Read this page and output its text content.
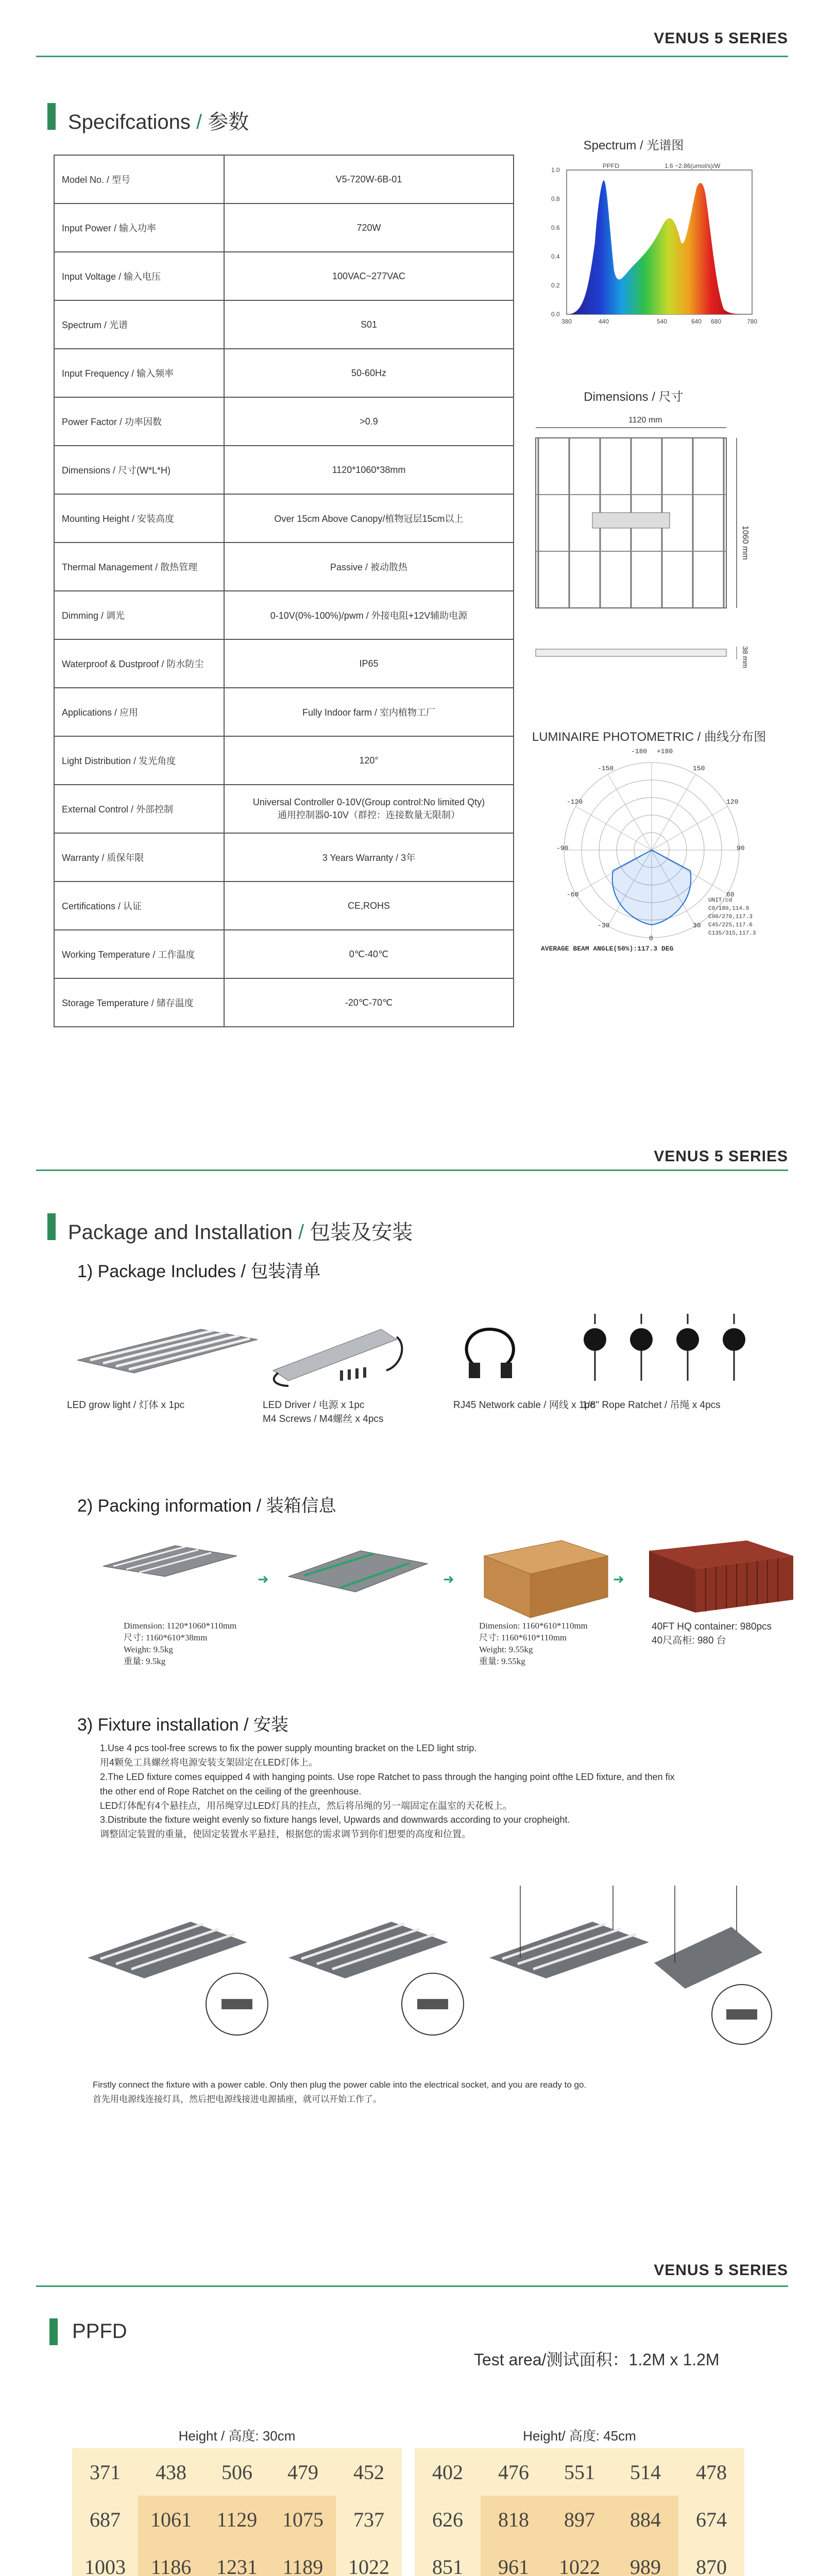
VENUS 5 SERIES
Specifcations / 参数
Model No. / 型号	V5-720W-6B-01
Input Power / 输入功率	720W
Input Voltage / 输入电压	100VAC~277VAC
Spectrum / 光谱	S01
Input Frequency / 输入频率	50-60Hz
Power Factor / 功率因数	>0.9
Dimensions / 尺寸(W*L*H)	1120*1060*38mm
Mounting Height / 安装高度	Over 15cm Above Canopy/植物冠层15cm以上
Thermal Management / 散热管理	Passive / 被动散热
Dimming / 调光	0-10V(0%-100%)/pwm / 外接电阻+12V辅助电源
Waterproof & Dustproof / 防水防尘	IP65
Applications / 应用	Fully Indoor farm / 室内植物工厂
Light Distribution / 发光角度	120°
External Control / 外部控制	Universal Controller 0-10V(Group control:No limited Qty)
通用控制器0-10V（群控：连接数量无限制）
Warranty / 质保年限	3 Years Warranty / 3年
Certifications / 认证	CE,ROHS
Working Temperature / 工作温度	0℃-40℃
Storage Temperature / 储存温度	-20℃-70℃
Spectrum / 光谱图
1.0
0.8
0.6
0.4
0.2
0.0
380	440	540	640 680	780
PPFD	1.6 ~2.86(umol/s)/W
Dimensions / 尺寸
1120 mm
1060 mm
38 mm
LUMINAIRE PHOTOMETRIC / 曲线分布图
-180 +180
-150	150
-120	120
-90	90
-60	60
-30	30
0
UNIT:cd
C0/180,114.9
C90/270,117.3
C45/225,117.6
C135/315,117.3
AVERAGE BEAM ANGLE(50%):117.3 DEG
VENUS 5 SERIES
Package and Installation / 包装及安装
1) Package Includes / 包装清单
LED grow light / 灯体 x 1pc	LED Driver / 电源 x 1pc
M4 Screws / M4螺丝 x 4pcs
RJ45 Network cable / 网线 x 1pc
1/8" Rope Ratchet / 吊绳 x 4pcs
2) Packing information / 装箱信息
➜	➜	➜
Dimension: 1120*1060*110mm
尺寸: 1160*610*38mm
Weight: 9.5kg
重量: 9.5kg
Dimension: 1160*610*110mm
尺寸: 1160*610*110mm
Weight: 9.55kg
重量: 9.55kg
40FT HQ container: 980pcs
40尺高柜: 980 台
3) Fixture installation / 安装
1.Use 4 pcs tool-free screws to fix the power supply mounting bracket on the LED light strip.
用4颗免工具螺丝将电源安装支架固定在LED灯体上。
2.The LED fixture comes equipped 4 with hanging points. Use rope Ratchet to pass through the hanging point ofthe LED fixture, and then fix
the other end of Rope Ratchet on the ceiling of the greenhouse.
LED灯体配有4个悬挂点，用吊绳穿过LED灯具的挂点，然后将吊绳的另一端固定在温室的天花板上。
3.Distribute the fixture weight evenly so fixture hangs level, Upwards and downwards according to your cropheight.
调整固定装置的重量，使固定装置水平悬挂，根据您的需求调节到你们想要的高度和位置。
Firstly connect the fixture with a power cable. Only then plug the power cable into the electrical socket, and you are ready to go.
首先用电源线连接灯具，然后把电源线接进电源插座，就可以开始工作了。
VENUS 5 SERIES
PPFD
Test area/测试面积：1.2M x 1.2M
Height / 高度: 30cm
371	438	506	479	452
687	1061	1129	1075	737
1003	1186	1231	1189	1022
Height/ 高度: 45cm
402	476	551	514	478
626	818	897	884	674
851	961	1022	989	870
